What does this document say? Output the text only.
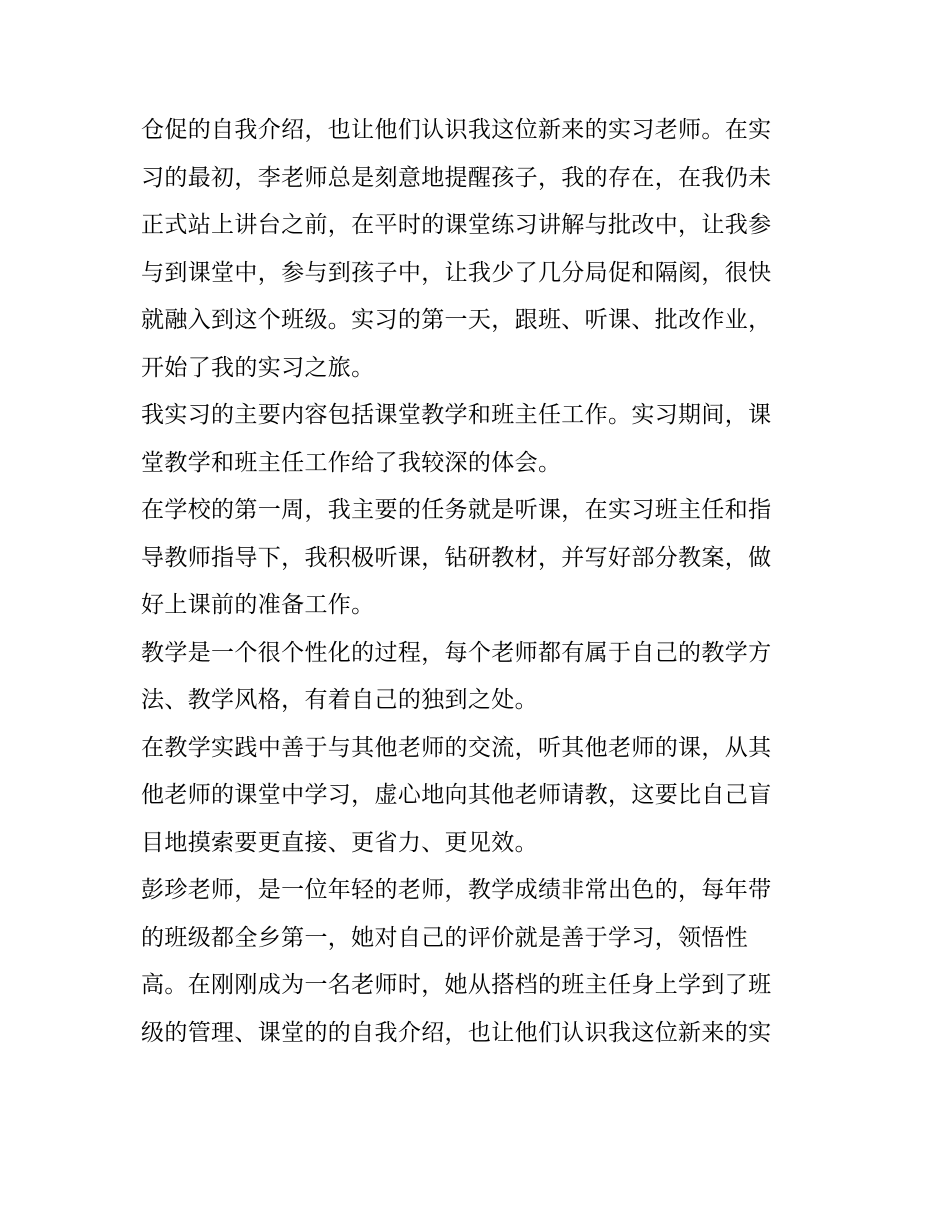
仓促的自我介绍，也让他们认识我这位新来的实习老师。在实
习的最初，李老师总是刻意地提醒孩子，我的存在，在我仍未
正式站上讲台之前，在平时的课堂练习讲解与批改中，让我参
与到课堂中，参与到孩子中，让我少了几分局促和隔阂，很快
就融入到这个班级。实习的第一天，跟班、听课、批改作业，
开始了我的实习之旅。
我实习的主要内容包括课堂教学和班主任工作。实习期间，课
堂教学和班主任工作给了我较深的体会。
在学校的第一周，我主要的任务就是听课，在实习班主任和指
导教师指导下，我积极听课，钻研教材，并写好部分教案，做
好上课前的准备工作。
教学是一个很个性化的过程，每个老师都有属于自己的教学方
法、教学风格，有着自己的独到之处。
在教学实践中善于与其他老师的交流，听其他老师的课，从其
他老师的课堂中学习，虚心地向其他老师请教，这要比自己盲
目地摸索要更直接、更省力、更见效。
彭珍老师，是一位年轻的老师，教学成绩非常出色的，每年带
的班级都全乡第一，她对自己的评价就是善于学习，领悟性
高。在刚刚成为一名老师时，她从搭档的班主任身上学到了班
级的管理、课堂的的自我介绍，也让他们认识我这位新来的实
